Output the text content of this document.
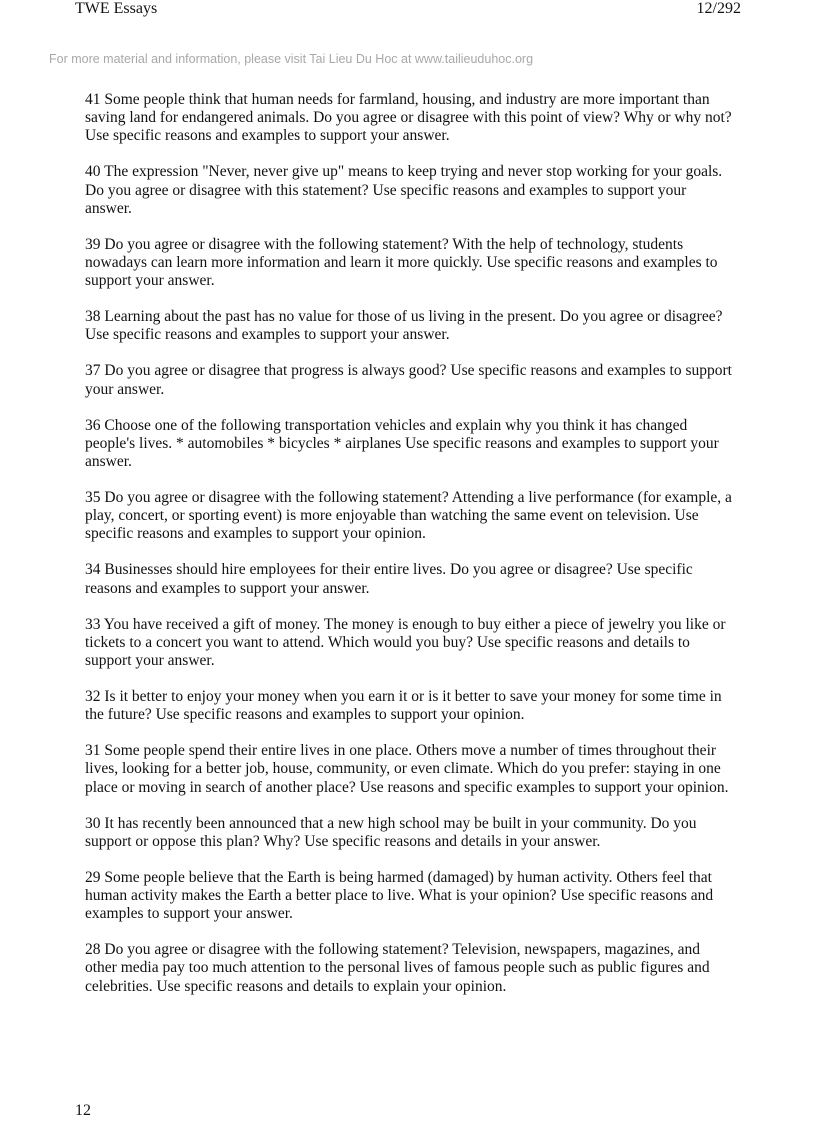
TWE Essays	12/292
For more material and information, please visit Tai Lieu Du Hoc at www.tailieuduhoc.org

41 Some people think that human needs for farmland, housing, and industry are more important than saving land for endangered animals. Do you agree or disagree with this point of view? Why or why not? Use specific reasons and examples to support your answer.

40 The expression "Never, never give up" means to keep trying and never stop working for your goals. Do you agree or disagree with this statement? Use specific reasons and examples to support your answer.

39 Do you agree or disagree with the following statement? With the help of technology, students nowadays can learn more information and learn it more quickly. Use specific reasons and examples to support your answer.

38 Learning about the past has no value for those of us living in the present. Do you agree or disagree? Use specific reasons and examples to support your answer.

37 Do you agree or disagree that progress is always good? Use specific reasons and examples to support your answer.

36 Choose one of the following transportation vehicles and explain why you think it has changed people's lives. * automobiles * bicycles * airplanes Use specific reasons and examples to support your answer.

35 Do you agree or disagree with the following statement? Attending a live performance (for example, a play, concert, or sporting event) is more enjoyable than watching the same event on television. Use specific reasons and examples to support your opinion.

34 Businesses should hire employees for their entire lives. Do you agree or disagree? Use specific reasons and examples to support your answer.

33 You have received a gift of money. The money is enough to buy either a piece of jewelry you like or tickets to a concert you want to attend. Which would you buy? Use specific reasons and details to support your answer.

32 Is it better to enjoy your money when you earn it or is it better to save your money for some time in the future? Use specific reasons and examples to support your opinion.

31 Some people spend their entire lives in one place. Others move a number of times throughout their lives, looking for a better job, house, community, or even climate. Which do you prefer: staying in one place or moving in search of another place? Use reasons and specific examples to support your opinion.

30 It has recently been announced that a new high school may be built in your community. Do you support or oppose this plan? Why? Use specific reasons and details in your answer.

29 Some people believe that the Earth is being harmed (damaged) by human activity. Others feel that human activity makes the Earth a better place to live. What is your opinion? Use specific reasons and examples to support your answer.

28 Do you agree or disagree with the following statement? Television, newspapers, magazines, and other media pay too much attention to the personal lives of famous people such as public figures and celebrities. Use specific reasons and details to explain your opinion.

12
